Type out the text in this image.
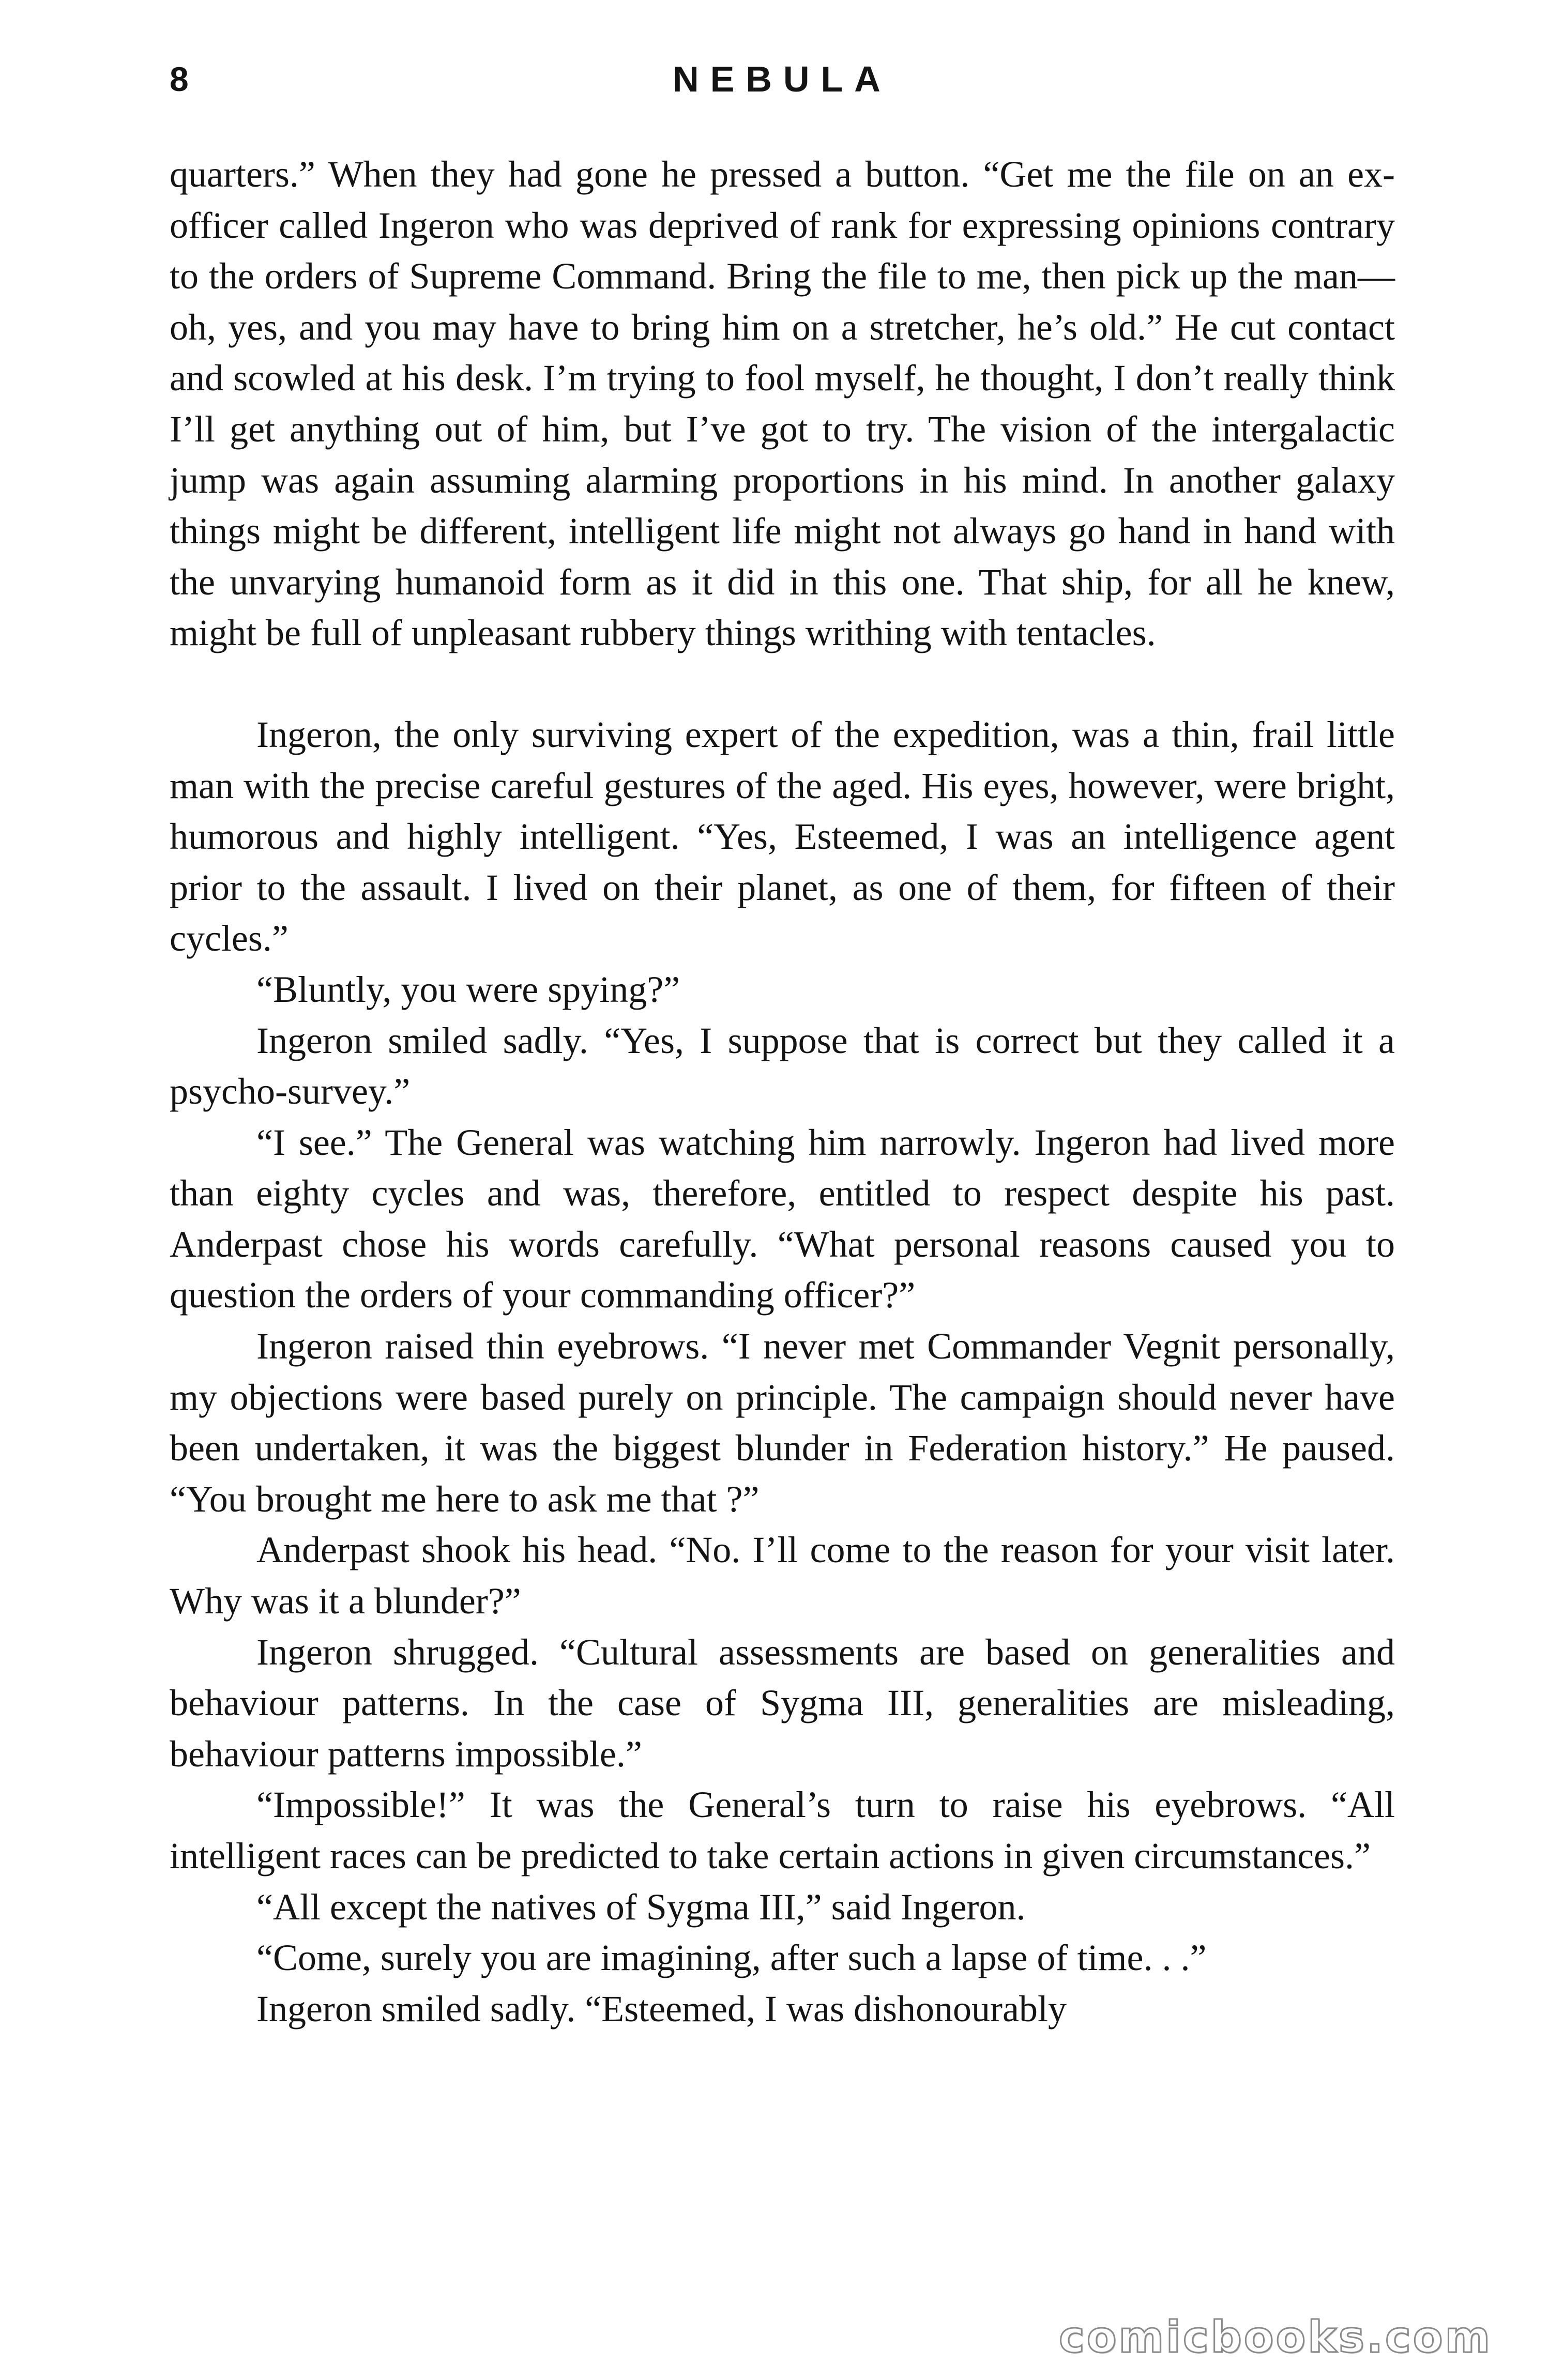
8	NEBULA

quarters.” When they had gone he pressed a button. “Get me the file on an ex-officer called Ingeron who was deprived of rank for expressing opinions contrary to the orders of Supreme Command. Bring the file to me, then pick up the man—oh, yes, and you may have to bring him on a stretcher, he’s old.” He cut contact and scowled at his desk. I’m trying to fool myself, he thought, I don’t really think I’ll get anything out of him, but I’ve got to try. The vision of the intergalactic jump was again assuming alarming proportions in his mind. In another galaxy things might be different, intelligent life might not always go hand in hand with the unvarying humanoid form as it did in this one. That ship, for all he knew, might be full of unpleasant rubbery things writhing with tentacles.

Ingeron, the only surviving expert of the expedition, was a thin, frail little man with the precise careful gestures of the aged. His eyes, however, were bright, humorous and highly intelligent. “Yes, Esteemed, I was an intelligence agent prior to the assault. I lived on their planet, as one of them, for fifteen of their cycles.”

“Bluntly, you were spying?”

Ingeron smiled sadly. “Yes, I suppose that is correct but they called it a psycho-survey.”

“I see.” The General was watching him narrowly. Ingeron had lived more than eighty cycles and was, therefore, entitled to respect despite his past. Anderpast chose his words carefully. “What personal reasons caused you to question the orders of your commanding officer?”

Ingeron raised thin eyebrows. “I never met Commander Vegnit personally, my objections were based purely on principle. The campaign should never have been undertaken, it was the biggest blunder in Federation history.” He paused. “You brought me here to ask me that ?”

Anderpast shook his head. “No. I’ll come to the reason for your visit later. Why was it a blunder?”

Ingeron shrugged. “Cultural assessments are based on generalities and behaviour patterns. In the case of Sygma III, generalities are misleading, behaviour patterns impossible.”

“Impossible!” It was the General’s turn to raise his eyebrows. “All intelligent races can be predicted to take certain actions in given circumstances.”

“All except the natives of Sygma III,” said Ingeron.

“Come, surely you are imagining, after such a lapse of time. . .”

Ingeron smiled sadly. “Esteemed, I was dishonourably

comicbooks.com
